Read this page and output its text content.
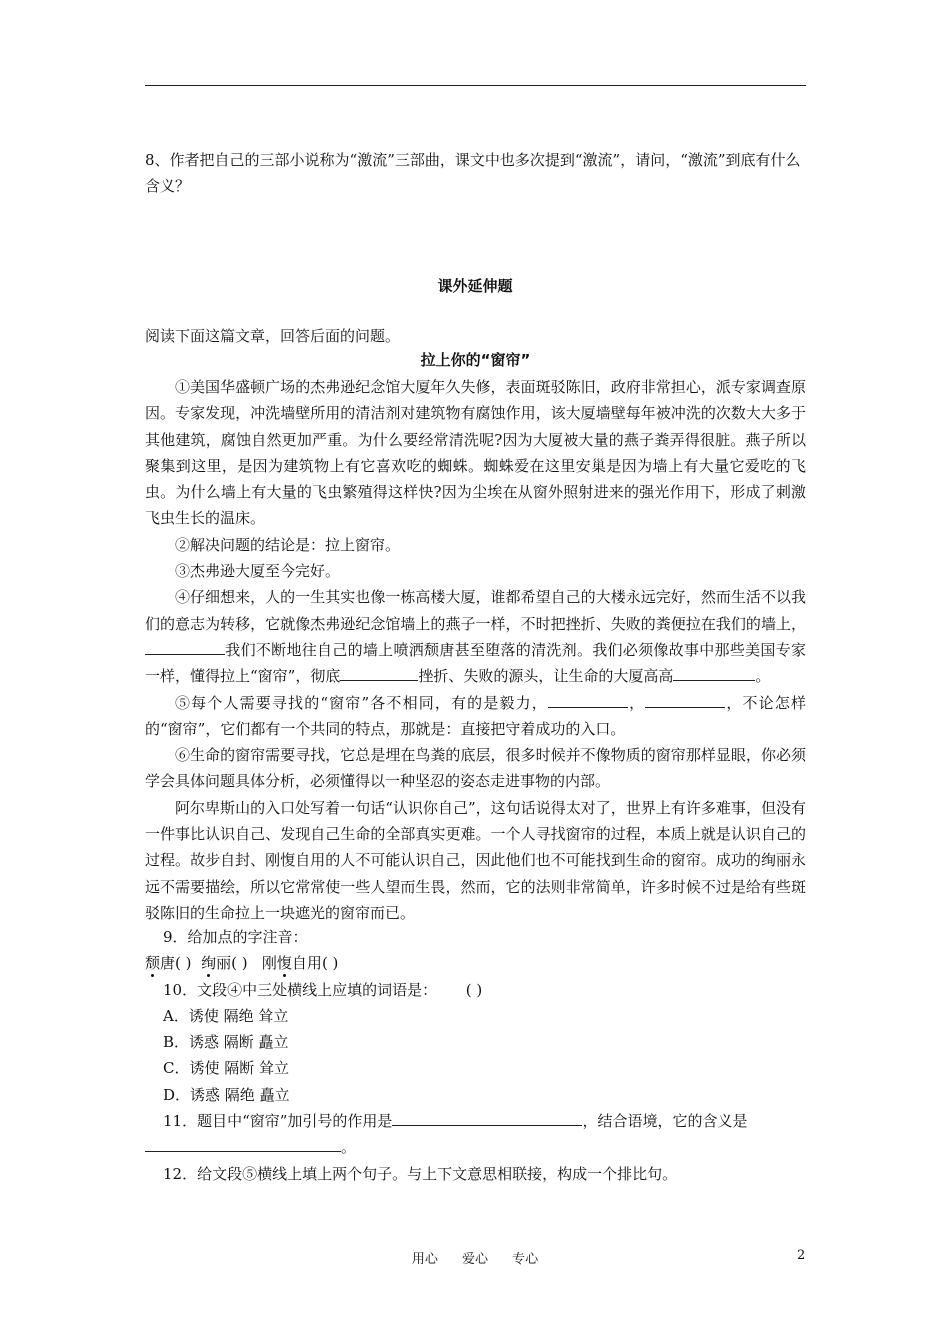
8、作者把自己的三部小说称为“激流”三部曲，课文中也多次提到“激流”，请问，“激流”到底有什么含义？
课外延伸题
阅读下面这篇文章，回答后面的问题。
拉上你的“窗帘”

①美国华盛顿广场的杰弗逊纪念馆大厦年久失修，表面斑驳陈旧，政府非常担心，派专家调查原因。专家发现，冲洗墙壁所用的清洁剂对建筑物有腐蚀作用，该大厦墙壁每年被冲洗的次数大大多于其他建筑，腐蚀自然更加严重。为什么要经常清洗呢?因为大厦被大量的燕子粪弄得很脏。燕子所以聚集到这里，是因为建筑物上有它喜欢吃的蜘蛛。蜘蛛爱在这里安巢是因为墙上有大量它爱吃的飞虫。为什么墙上有大量的飞虫繁殖得这样快?因为尘埃在从窗外照射进来的强光作用下，形成了刺激飞虫生长的温床。

②解决问题的结论是：拉上窗帘。

③杰弗逊大厦至今完好。

④仔细想来，人的一生其实也像一栋高楼大厦，谁都希望自己的大楼永远完好，然而生活不以我们的意志为转移，它就像杰弗逊纪念馆墙上的燕子一样，不时把挫折、失败的粪便拉在我们的墙上，我们不断地往自己的墙上喷洒颓唐甚至堕落的清洗剂。我们必须像故事中那些美国专家一样，懂得拉上“窗帘”，彻底	挫折、失败的源头，让生命的大厦高高	。

⑤每个人需要寻找的“窗帘”各不相同，有的是毅力，	，	，不论怎样的“窗帘”，它们都有一个共同的特点，那就是：直接把守着成功的入口。

⑥生命的窗帘需要寻找，它总是埋在鸟粪的底层，很多时候并不像物质的窗帘那样显眼，你必须学会具体问题具体分析，必须懂得以一种坚忍的姿态走进事物的内部。

阿尔卑斯山的入口处写着一句话“认识你自己”，这句话说得太对了，世界上有许多难事，但没有一件事比认识自己、发现自己生命的全部真实更难。一个人寻找窗帘的过程，本质上就是认识自己的过程。故步自封、刚愎自用的人不可能认识自己，因此他们也不可能找到生命的窗帘。成功的绚丽永远不需要描绘，所以它常常使一些人望而生畏，然而，它的法则非常简单，许多时候不过是给有些斑驳陈旧的生命拉上一块遮光的窗帘而已。

9．给加点的字注音：

颓唐( ) 绚丽( ) 刚愎自用( )

10．文段④中三处横线上应填的词语是： ( )

A．诱使 隔绝 耸立

B．诱惑 隔断 矗立

C．诱使 隔断 耸立

D．诱惑 隔绝 矗立

11．题目中“窗帘”加引号的作用是	，结合语境，它的含义是

。

12．给文段⑤横线上填上两个句子。与上下文意思相联接，构成一个排比句。

用心 爱心 专心	2
